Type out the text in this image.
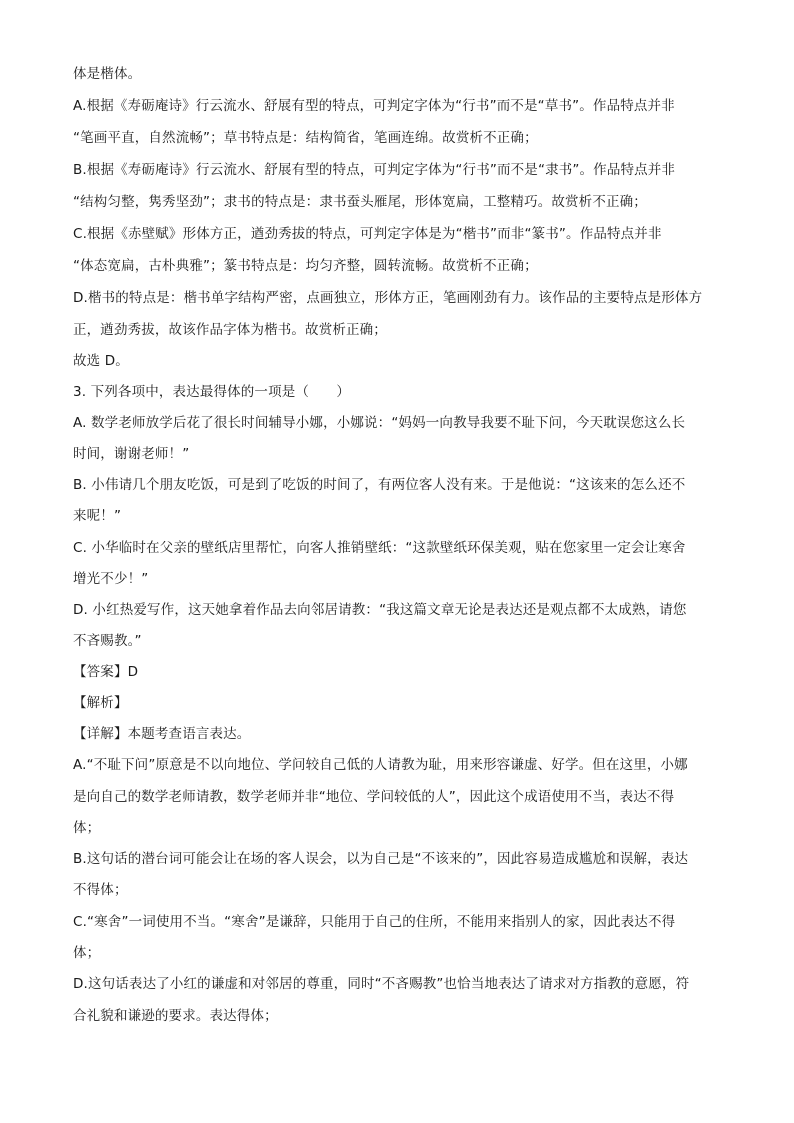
体是楷体。
A.根据《寿砺庵诗》行云流水、舒展有型的特点，可判定字体为“行书”而不是“草书”。作品特点并非
“笔画平直，自然流畅”；草书特点是：结构简省，笔画连绵。故赏析不正确；
B.根据《寿砺庵诗》行云流水、舒展有型的特点，可判定字体为“行书”而不是“隶书”。作品特点并非
“结构匀整，隽秀坚劲”；隶书的特点是：隶书蚕头雁尾，形体宽扁，工整精巧。故赏析不正确；
C.根据《赤壁赋》形体方正，遒劲秀拔的特点，可判定字体是为“楷书”而非“篆书”。作品特点并非
“体态宽扁，古朴典雅”；篆书特点是：均匀齐整，圆转流畅。故赏析不正确；
D.楷书的特点是：楷书单字结构严密，点画独立，形体方正，笔画刚劲有力。该作品的主要特点是形体方
正，遒劲秀拔，故该作品字体为楷书。故赏析正确；
故选 D。
3. 下列各项中，表达最得体的一项是（　　）
A. 数学老师放学后花了很长时间辅导小娜，小娜说：“妈妈一向教导我要不耻下问，今天耽误您这么长
时间，谢谢老师！”
B. 小伟请几个朋友吃饭，可是到了吃饭的时间了，有两位客人没有来。于是他说：“这该来的怎么还不
来呢！”
C. 小华临时在父亲的壁纸店里帮忙，向客人推销壁纸：“这款壁纸环保美观，贴在您家里一定会让寒舍
增光不少！”
D. 小红热爱写作，这天她拿着作品去向邻居请教：“我这篇文章无论是表达还是观点都不太成熟，请您
不吝赐教。”
【答案】D
【解析】
【详解】本题考查语言表达。
A.“不耻下问”原意是不以向地位、学问较自己低的人请教为耻，用来形容谦虚、好学。但在这里，小娜
是向自己的数学老师请教，数学老师并非“地位、学问较低的人”，因此这个成语使用不当，表达不得
体；
B.这句话的潜台词可能会让在场的客人误会，以为自己是“不该来的”，因此容易造成尴尬和误解，表达
不得体；
C.“寒舍”一词使用不当。“寒舍”是谦辞，只能用于自己的住所，不能用来指别人的家，因此表达不得
体；
D.这句话表达了小红的谦虚和对邻居的尊重，同时“不吝赐教”也恰当地表达了请求对方指教的意愿，符
合礼貌和谦逊的要求。表达得体；
